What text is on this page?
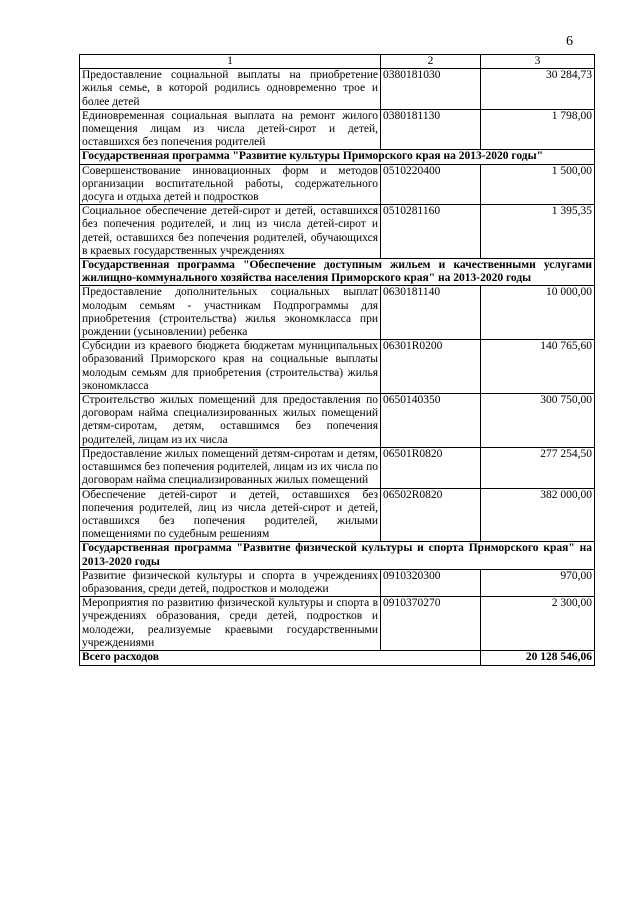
6
1	2	3
Предоставление социальной выплаты на приобретение жилья семье, в которой родились одновременно трое и более детей	0380181030	30 284,73
Единовременная социальная выплата на ремонт жилого помещения лицам из числа детей-сирот и детей, оставшихся без попечения родителей	0380181130	1 798,00
Государственная программа "Развитие культуры Приморского края на 2013-2020 годы"		
Совершенствование инновационных форм и методов организации воспитательной работы, содержательного досуга и отдыха детей и подростков	0510220400	1 500,00
Социальное обеспечение детей-сирот и детей, оставшихся без попечения родителей, и лиц из числа детей-сирот и детей, оставшихся без попечения родителей, обучающихся в краевых государственных учреждениях	0510281160	1 395,35
Государственная программа "Обеспечение доступным жильем и качественными услугами жилищно-коммунального хозяйства населения Приморского края" на 2013-2020 годы		
Предоставление дополнительных социальных выплат молодым семьям - участникам Подпрограммы для приобретения (строительства) жилья экономкласса при рождении (усыновлении) ребенка	0630181140	10 000,00
Субсидии из краевого бюджета бюджетам муниципальных образований Приморского края на социальные выплаты молодым семьям для приобретения (строительства) жилья экономкласса	06301R0200	140 765,60
Строительство жилых помещений для предоставления по договорам найма специализированных жилых помещений детям-сиротам, детям, оставшимся без попечения родителей, лицам из их числа	0650140350	300 750,00
Предоставление жилых помещений детям-сиротам и детям, оставшимся без попечения родителей, лицам из их числа по договорам найма специализированных жилых помещений	06501R0820	277 254,50
Обеспечение детей-сирот и детей, оставшихся без попечения родителей, лиц из числа детей-сирот и детей, оставшихся без попечения родителей, жилыми помещениями по судебным решениям	06502R0820	382 000,00
Государственная программа "Развитие физической культуры и спорта Приморского края" на 2013-2020 годы		
Развитие физической культуры и спорта в учреждениях образования, среди детей, подростков и молодежи	0910320300	970,00
Мероприятия по развитию физической культуры и спорта в учреждениях образования, среди детей, подростков и молодежи, реализуемые краевыми государственными учреждениями	0910370270	2 300,00
Всего расходов		20 128 546,06
